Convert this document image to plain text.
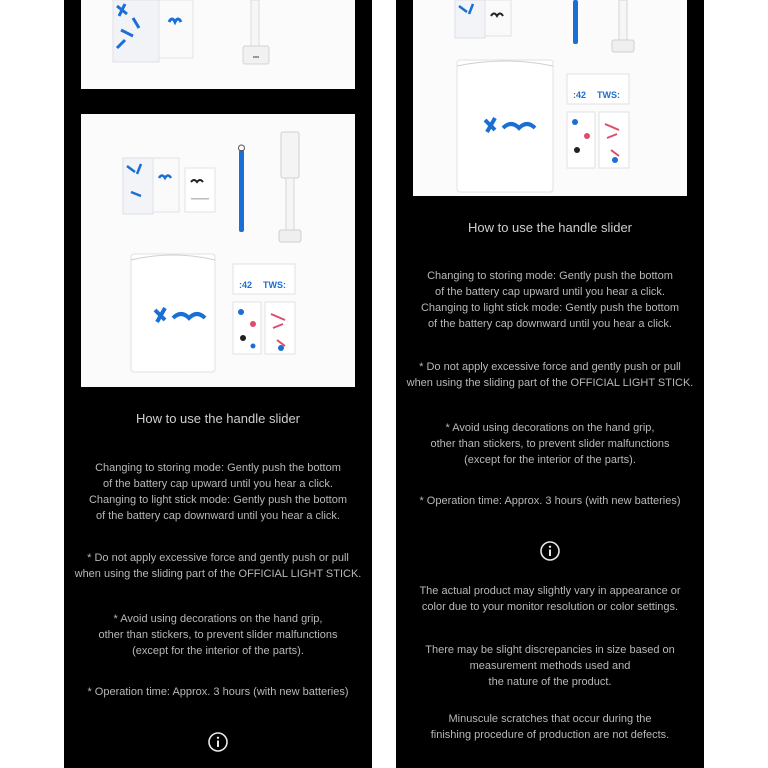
:42 TWS:

How to use the handle slider

Changing to storing mode: Gently push the bottom
of the battery cap upward until you hear a click.
Changing to light stick mode: Gently push the bottom
of the battery cap downward until you hear a click.

* Do not apply excessive force and gently push or pull
when using the sliding part of the OFFICIAL LIGHT STICK.

* Avoid using decorations on the hand grip,
other than stickers, to prevent slider malfunctions
(except for the interior of the parts).

* Operation time: Approx. 3 hours (with new batteries)

:42 TWS:

How to use the handle slider

Changing to storing mode: Gently push the bottom
of the battery cap upward until you hear a click.
Changing to light stick mode: Gently push the bottom
of the battery cap downward until you hear a click.

* Do not apply excessive force and gently push or pull
when using the sliding part of the OFFICIAL LIGHT STICK.

* Avoid using decorations on the hand grip,
other than stickers, to prevent slider malfunctions
(except for the interior of the parts).

* Operation time: Approx. 3 hours (with new batteries)

The actual product may slightly vary in appearance or
color due to your monitor resolution or color settings.

There may be slight discrepancies in size based on
measurement methods used and
the nature of the product.

Minuscule scratches that occur during the
finishing procedure of production are not defects.
